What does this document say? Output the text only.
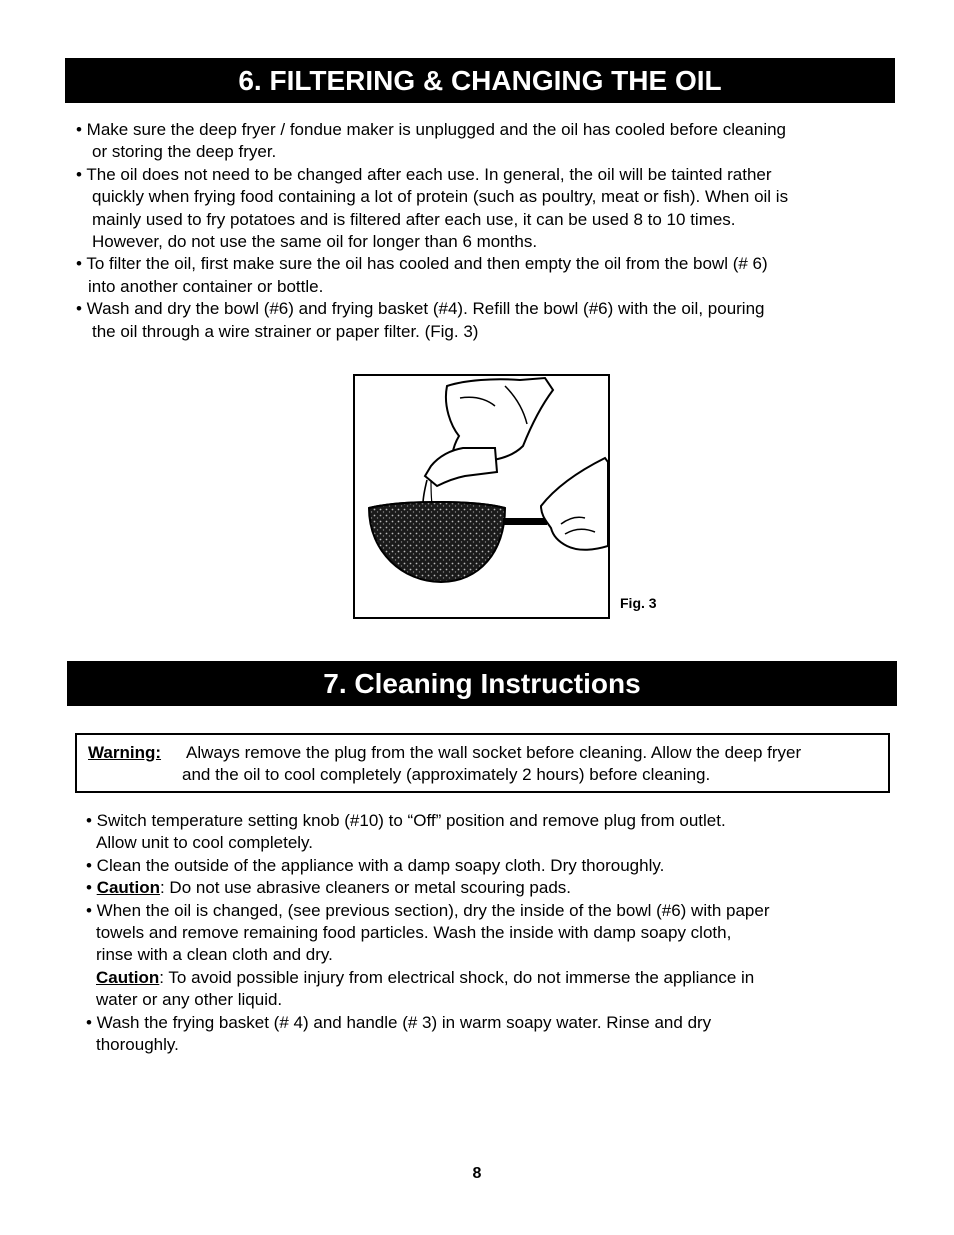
6. FILTERING & CHANGING THE OIL

• Make sure the deep fryer / fondue maker is unplugged and the oil has cooled before cleaning

or storing the deep fryer.

• The oil does not need to be changed after each use. In general, the oil will be tainted rather

quickly when frying food containing a lot of protein (such as poultry, meat or fish). When oil is

mainly used to fry potatoes and is filtered after each use, it can be used 8 to 10 times.

However, do not use the same oil for longer than 6 months.

• To filter the oil, first make sure the oil has cooled and then empty the oil from the bowl (# 6)

into another container or bottle.

• Wash and dry the bowl (#6) and frying basket (#4). Refill the bowl (#6) with the oil, pouring

the oil through a wire strainer or paper filter. (Fig. 3)

Fig. 3
7. Cleaning Instructions
Warning: Always remove the plug from the wall socket before cleaning. Allow the deep fryer
and the oil to cool completely (approximately 2 hours) before cleaning.

• Switch temperature setting knob (#10) to “Off” position and remove plug from outlet.

Allow unit to cool completely.

• Clean the outside of the appliance with a damp soapy cloth. Dry thoroughly.

• Caution: Do not use abrasive cleaners or metal scouring pads.

• When the oil is changed, (see previous section), dry the inside of the bowl (#6) with paper

towels and remove remaining food particles. Wash the inside with damp soapy cloth,

rinse with a clean cloth and dry.

Caution: To avoid possible injury from electrical shock, do not immerse the appliance in

water or any other liquid.

• Wash the frying basket (# 4) and handle (# 3) in warm soapy water. Rinse and dry

thoroughly.

8
